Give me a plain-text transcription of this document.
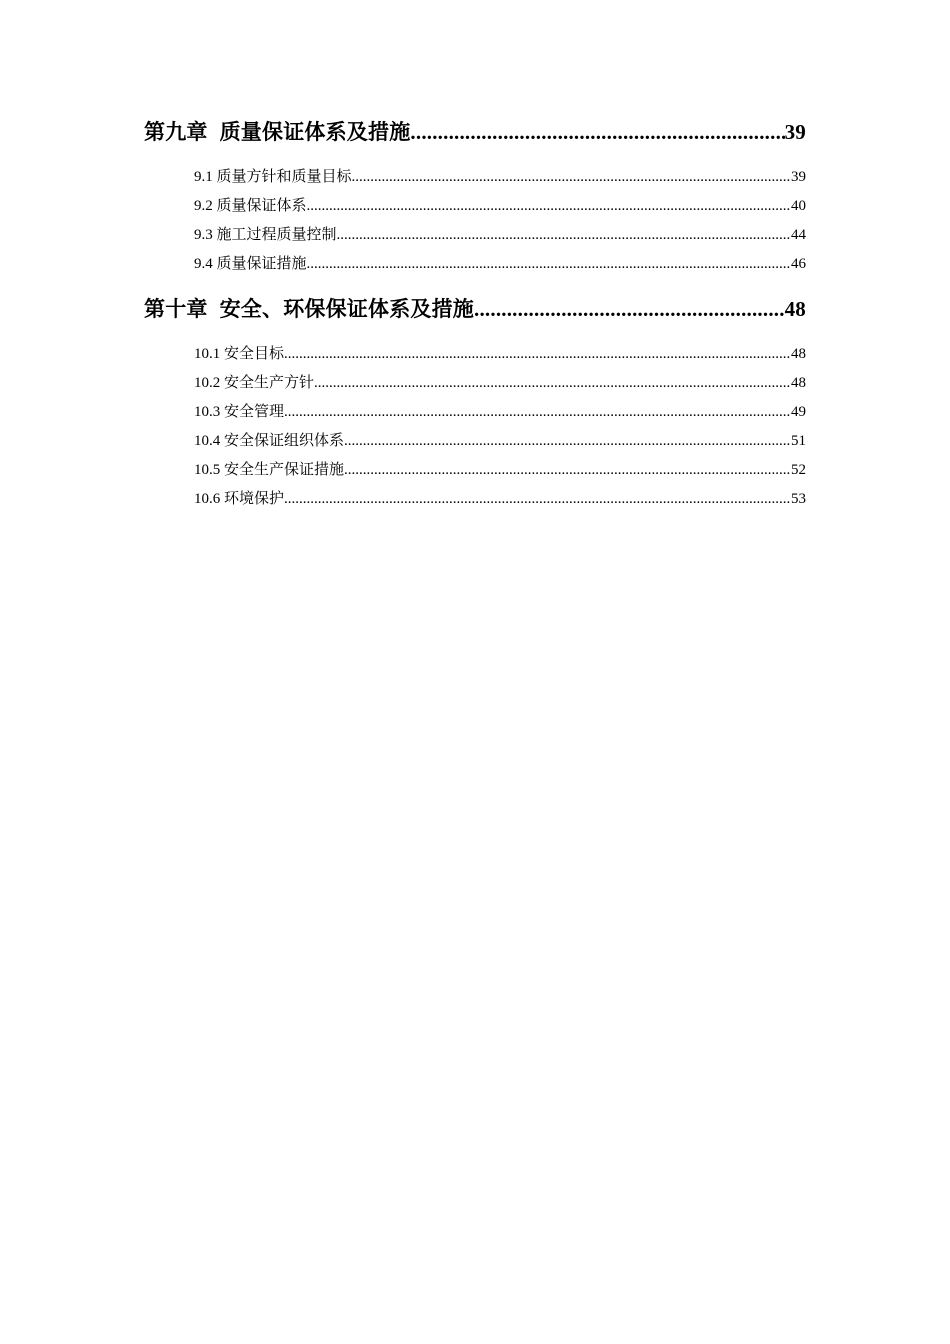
第九章 质量保证体系及措施 .....	39
9.1 质量方针和质量目标 .....	39
9.2 质量保证体系 .....	40
9.3 施工过程质量控制 .....	44
9.4 质量保证措施 .....	46
第十章 安全、环保保证体系及措施 .....	48
10.1 安全目标 .....	48
10.2 安全生产方针 .....	48
10.3 安全管理 .....	49
10.4 安全保证组织体系 .....	51
10.5 安全生产保证措施 .....	52
10.6 环境保护 .....	53
